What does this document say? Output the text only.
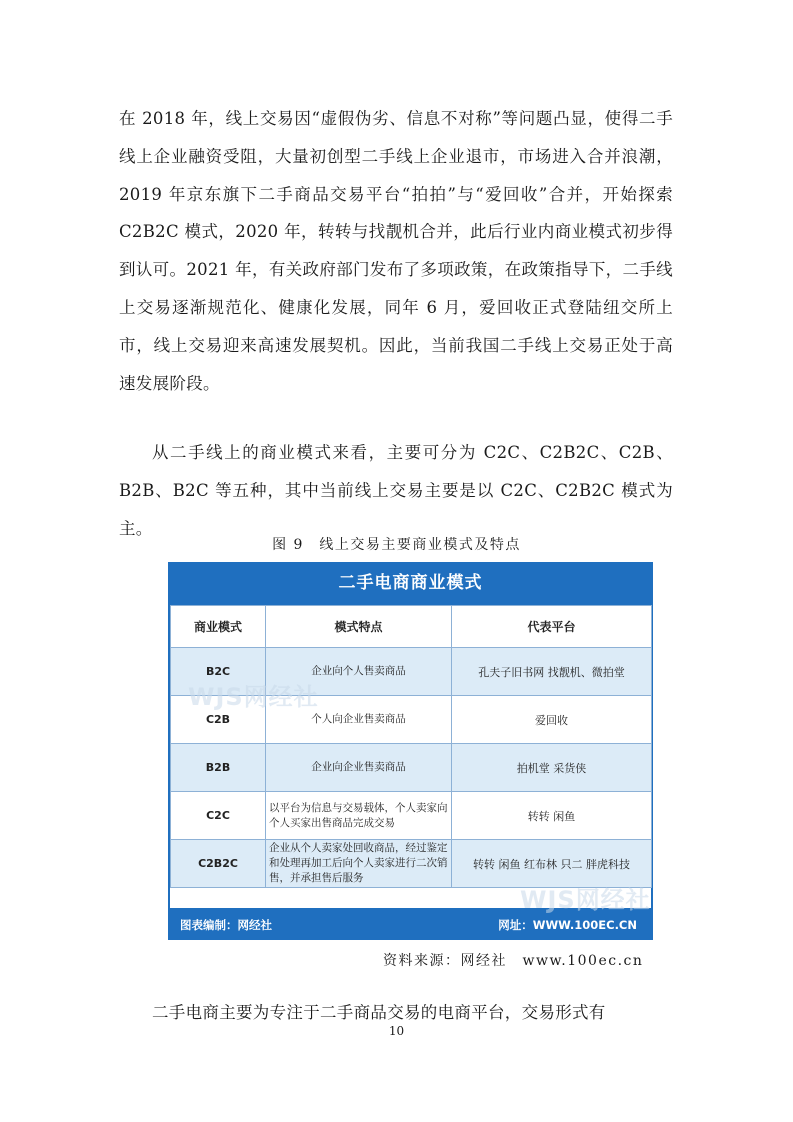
在 2018 年，线上交易因“虚假伪劣、信息不对称”等问题凸显，使得二手线上企业融资受阻，大量初创型二手线上企业退市，市场进入合并浪潮，2019 年京东旗下二手商品交易平台“拍拍”与“爱回收”合并，开始探索 C2B2C 模式，2020 年，转转与找靓机合并，此后行业内商业模式初步得到认可。2021 年，有关政府部门发布了多项政策，在政策指导下，二手线上交易逐渐规范化、健康化发展，同年 6 月，爱回收正式登陆纽交所上市，线上交易迎来高速发展契机。因此，当前我国二手线上交易正处于高速发展阶段。

从二手线上的商业模式来看，主要可分为 C2C、C2B2C、C2B、B2B、B2C 等五种，其中当前线上交易主要是以 C2C、C2B2C 模式为主。

图 9　线上交易主要商业模式及特点
二手电商商业模式
商业模式	模式特点	代表平台
B2C	企业向个人售卖商品	孔夫子旧书网 找靓机、微拍堂
C2B	个人向企业售卖商品	爱回收
B2B	企业向企业售卖商品	拍机堂 采货侠
C2C	以平台为信息与交易载体，个人卖家向个人买家出售商品完成交易	转转 闲鱼
C2B2C	企业从个人卖家处回收商品，经过鉴定和处理再加工后向个人卖家进行二次销售，并承担售后服务	转转 闲鱼 红布林 只二 胖虎科技
WJS网经社
WJS网经社
图表编制：网经社	网址：WWW.100EC.CN
资料来源：网经社　www.100ec.cn

二手电商主要为专注于二手商品交易的电商平台，交易形式有

10
